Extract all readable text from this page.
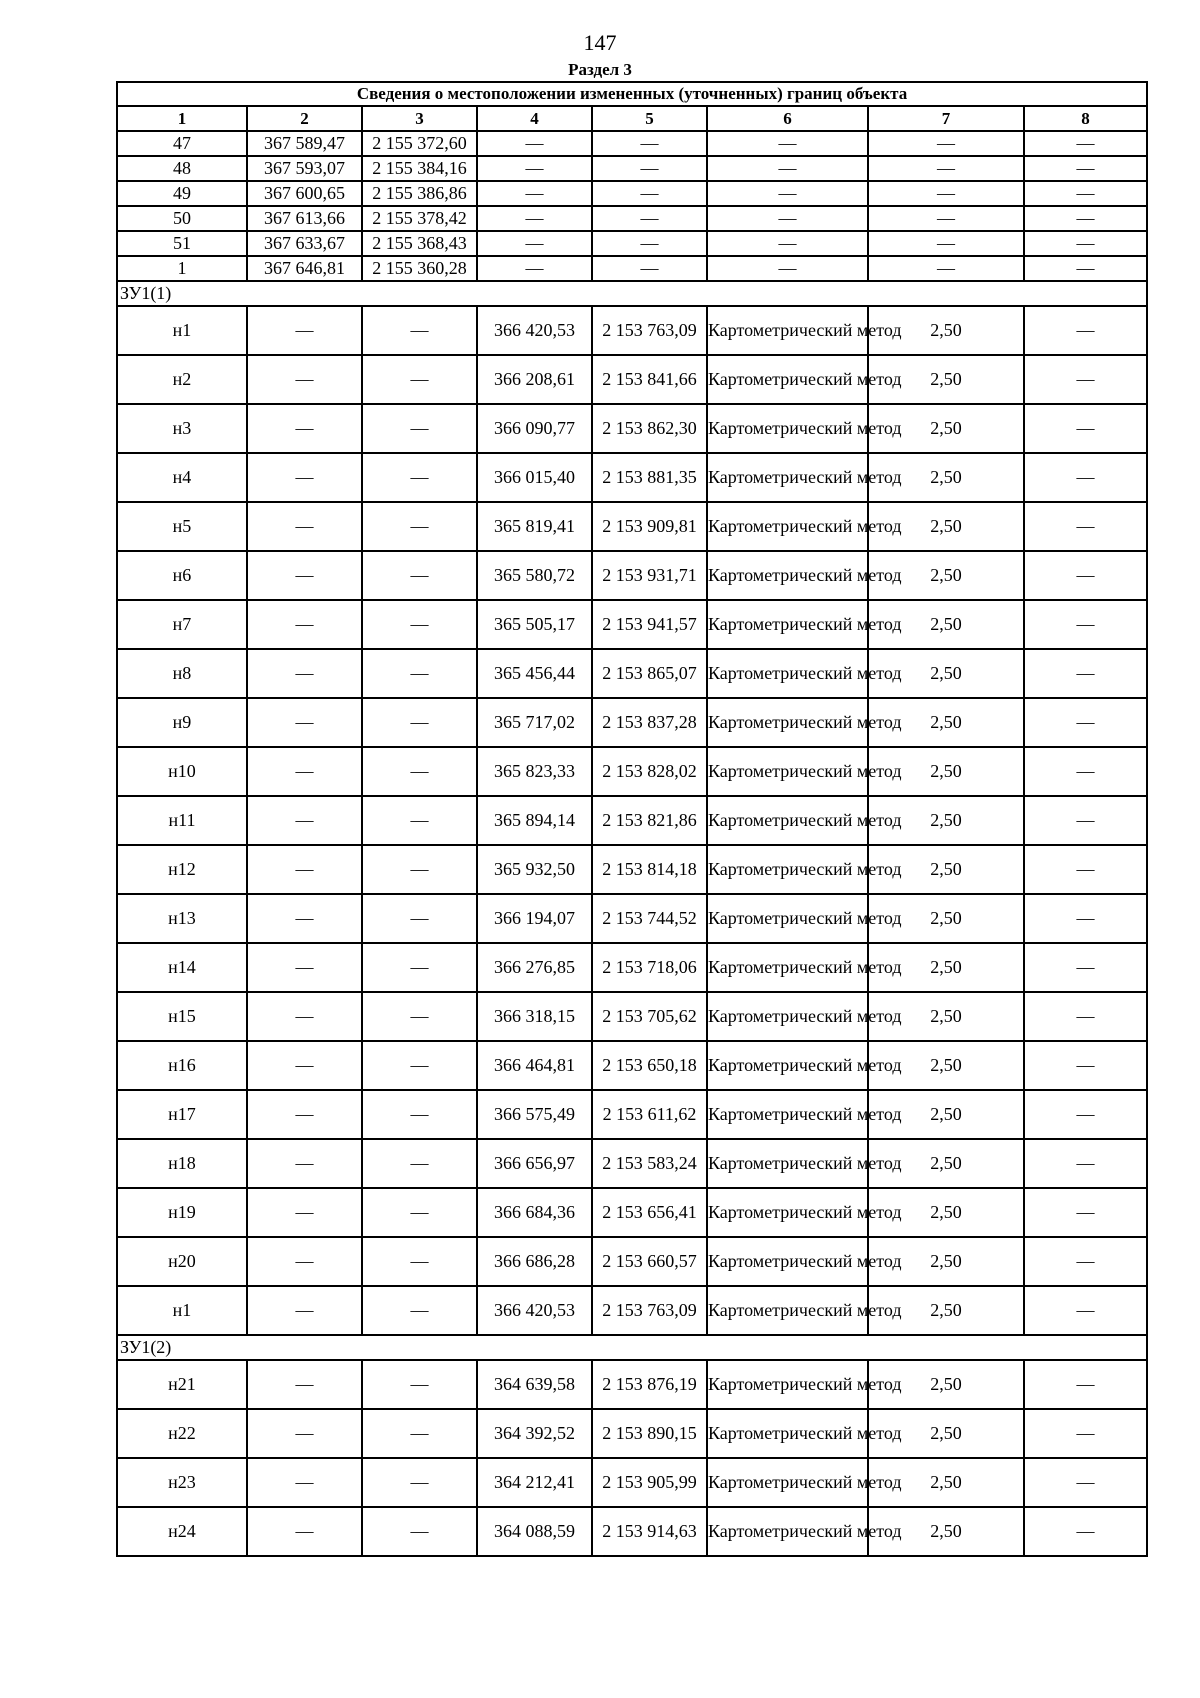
147
Раздел 3
Сведения о местоположении измененных (уточненных) границ объекта							
1	2	3	4	5	6	7	8
47	367 589,47	2 155 372,60	—	—	—	—	—
48	367 593,07	2 155 384,16	—	—	—	—	—
49	367 600,65	2 155 386,86	—	—	—	—	—
50	367 613,66	2 155 378,42	—	—	—	—	—
51	367 633,67	2 155 368,43	—	—	—	—	—
1	367 646,81	2 155 360,28	—	—	—	—	—
ЗУ1(1)							
н1	—	—	366 420,53	2 153 763,09	Картометрический метод	2,50	—
н2	—	—	366 208,61	2 153 841,66	Картометрический метод	2,50	—
н3	—	—	366 090,77	2 153 862,30	Картометрический метод	2,50	—
н4	—	—	366 015,40	2 153 881,35	Картометрический метод	2,50	—
н5	—	—	365 819,41	2 153 909,81	Картометрический метод	2,50	—
н6	—	—	365 580,72	2 153 931,71	Картометрический метод	2,50	—
н7	—	—	365 505,17	2 153 941,57	Картометрический метод	2,50	—
н8	—	—	365 456,44	2 153 865,07	Картометрический метод	2,50	—
н9	—	—	365 717,02	2 153 837,28	Картометрический метод	2,50	—
н10	—	—	365 823,33	2 153 828,02	Картометрический метод	2,50	—
н11	—	—	365 894,14	2 153 821,86	Картометрический метод	2,50	—
н12	—	—	365 932,50	2 153 814,18	Картометрический метод	2,50	—
н13	—	—	366 194,07	2 153 744,52	Картометрический метод	2,50	—
н14	—	—	366 276,85	2 153 718,06	Картометрический метод	2,50	—
н15	—	—	366 318,15	2 153 705,62	Картометрический метод	2,50	—
н16	—	—	366 464,81	2 153 650,18	Картометрический метод	2,50	—
н17	—	—	366 575,49	2 153 611,62	Картометрический метод	2,50	—
н18	—	—	366 656,97	2 153 583,24	Картометрический метод	2,50	—
н19	—	—	366 684,36	2 153 656,41	Картометрический метод	2,50	—
н20	—	—	366 686,28	2 153 660,57	Картометрический метод	2,50	—
н1	—	—	366 420,53	2 153 763,09	Картометрический метод	2,50	—
ЗУ1(2)							
н21	—	—	364 639,58	2 153 876,19	Картометрический метод	2,50	—
н22	—	—	364 392,52	2 153 890,15	Картометрический метод	2,50	—
н23	—	—	364 212,41	2 153 905,99	Картометрический метод	2,50	—
н24	—	—	364 088,59	2 153 914,63	Картометрический метод	2,50	—
